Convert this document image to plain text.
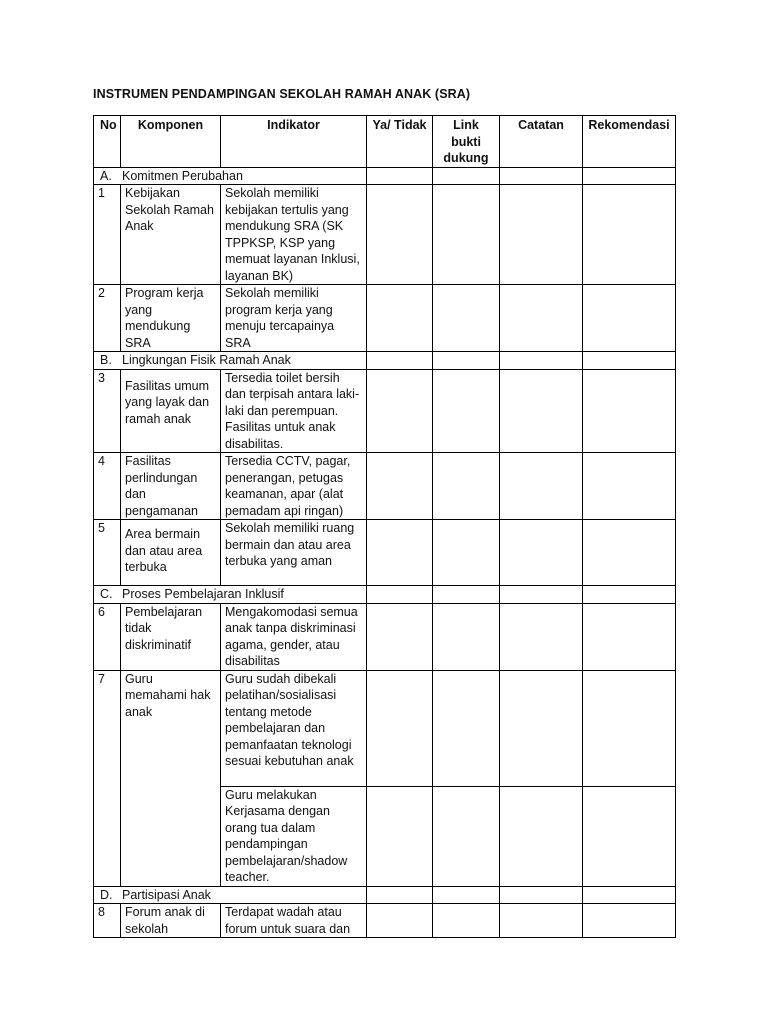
INSTRUMEN PENDAMPINGAN SEKOLAH RAMAH ANAK (SRA)
No	Komponen	Indikator	Ya/ Tidak	Link bukti dukung	Catatan	Rekomendasi
A. Komitmen Perubahan						
1	Kebijakan Sekolah Ramah Anak	Sekolah memiliki kebijakan tertulis yang mendukung SRA (SK TPPKSP, KSP yang memuat layanan Inklusi, layanan BK)				
2	Program kerja yang mendukung SRA	Sekolah memiliki program kerja yang menuju tercapainya SRA				
B. Lingkungan Fisik Ramah Anak						
3	Fasilitas umum yang layak dan ramah anak	Tersedia toilet bersih dan terpisah antara laki-laki dan perempuan. Fasilitas untuk anak disabilitas.				
4	Fasilitas perlindungan dan pengamanan	Tersedia CCTV, pagar, penerangan, petugas keamanan, apar (alat pemadam api ringan)				
5	Area bermain dan atau area terbuka	Sekolah memiliki ruang bermain dan atau area terbuka yang aman				
C. Proses Pembelajaran Inklusif						
6	Pembelajaran tidak diskriminatif	Mengakomodasi semua anak tanpa diskriminasi agama, gender, atau disabilitas				
7	Guru memahami hak anak	Guru sudah dibekali pelatihan/sosialisasi tentang metode pembelajaran dan pemanfaatan teknologi sesuai kebutuhan anak				
		Guru melakukan Kerjasama dengan orang tua dalam pendampingan pembelajaran/shadow teacher.				
D. Partisipasi Anak						
8	Forum anak di sekolah	Terdapat wadah atau forum untuk suara dan				
